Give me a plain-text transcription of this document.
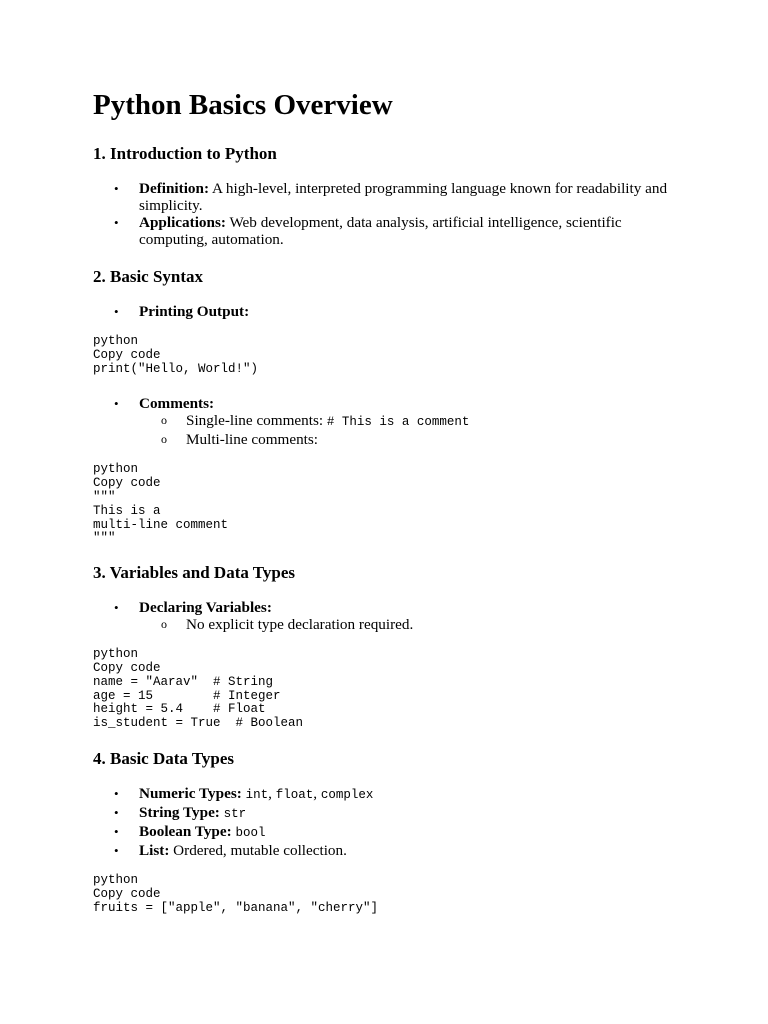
Python Basics Overview
1. Introduction to Python
• Definition: A high-level, interpreted programming language known for readability and simplicity.
• Applications: Web development, data analysis, artificial intelligence, scientific computing, automation.
2. Basic Syntax
• Printing Output:
python
Copy code
print("Hello, World!")
• Comments:
o Single-line comments: # This is a comment
o Multi-line comments:
python
Copy code
"""
This is a
multi-line comment
"""
3. Variables and Data Types
• Declaring Variables:
o No explicit type declaration required.
python
Copy code
name = "Aarav"  # String
age = 15        # Integer
height = 5.4    # Float
is_student = True  # Boolean
4. Basic Data Types
• Numeric Types: int, float, complex
• String Type: str
• Boolean Type: bool
• List: Ordered, mutable collection.
python
Copy code
fruits = ["apple", "banana", "cherry"]
